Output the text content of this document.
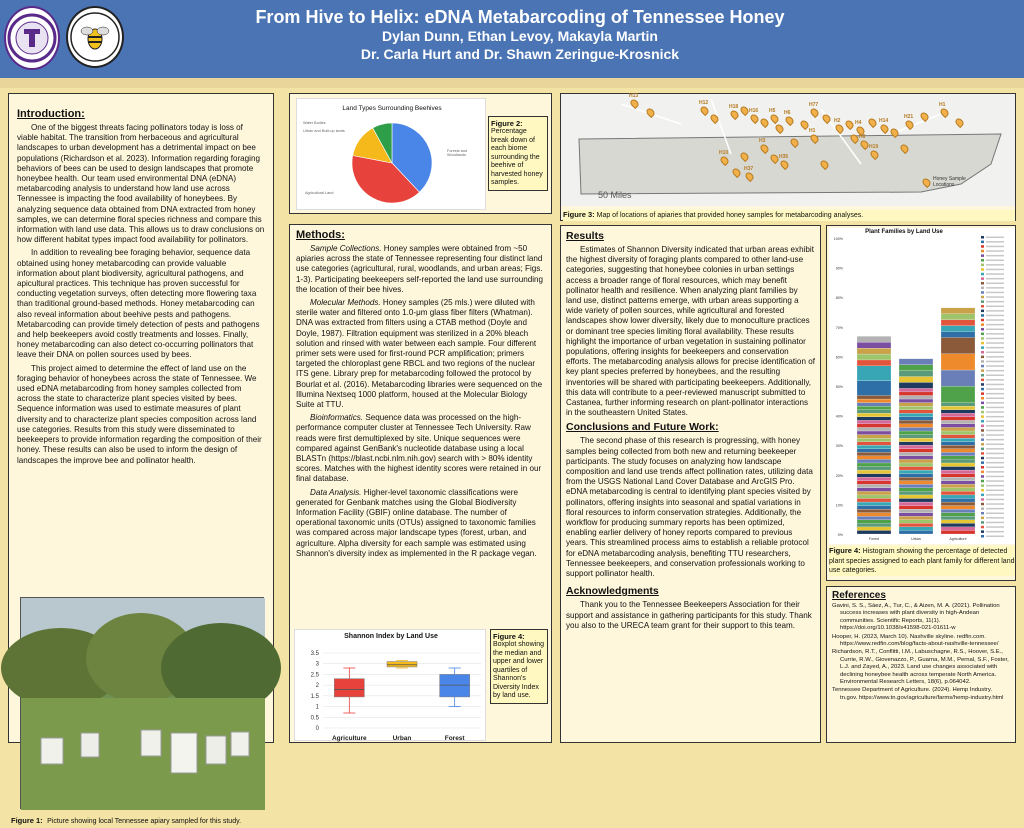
From Hive to Helix: eDNA Metabarcoding of Tennessee Honey
Dylan Dunn, Ethan Levoy, Makayla Martin
Dr. Carla Hurt and Dr. Shawn Zeringue-Krosnick
Introduction:

One of the biggest threats facing pollinators today is loss of viable habitat. The transition from herbaceous and agricultural landscapes to urban development has a detrimental impact on bee populations (Richardson et al. 2023). Information regarding foraging behaviors of bees can be used to design landscapes that promote honeybee health. Our team used environmental DNA (eDNA) metabarcoding analysis to understand how land use across Tennessee is impacting the food availability of honeybees. By analyzing sequence data obtained from DNA extracted from honey samples, we can determine floral species richness and compare this information with land use data. This allows us to draw conclusions on how different habitat types impact food availability for pollinators.

In addition to revealing bee foraging behavior, sequence data obtained using honey metabarcoding can provide valuable information about plant biodiversity, agricultural pathogens, and apicultural practices. This technique has proven successful for conducting vegetation surveys, often detecting more flowering taxa than traditional ground-based methods. Honey metabarcoding can also reveal information about beehive pests and pathogens. Metabarcoding can provide timely detection of pests and pathogens and help beekeepers avoid costly treatments and losses. Finally, honey metabarcoding can also detect co-occurring pollinators that leave their DNA on pollen sources used by bees.

This project aimed to determine the effect of land use on the foraging behavior of honeybees across the state of Tennessee. We used eDNA metabarcoding from honey samples collected from across the state to characterize plant species visited by bees. Sequence information was used to estimate measures of plant diversity and to characterize plant species composition across land use categories. Results from this study were disseminated to beekeepers to provide information regarding the composition of their honey. These results can also be used to inform the design of landscapes the improve bee and pollinator health.

Figure 1: Picture showing local Tennessee apiary sampled for this study.
Land Types Surrounding Beehives
Water Bodies
Urban and Built-up lands
Forests and Woodlands
Agricultural Land
Figure 2:
Percentage break down of each biome surrounding the beehive of harvested honey samples.
Methods:

Sample Collections. Honey samples were obtained from ~50 apiaries across the state of Tennessee representing four distinct land use categories (agricultural, rural, woodlands, and urban areas; Figs. 1-3). Participating beekeepers self-reported the land use surrounding the location of their bee hives.

Molecular Methods. Honey samples (25 mls.) were diluted with sterile water and filtered onto 1.0-μm glass fiber filters (Whatman). DNA was extracted from filters using a CTAB method (Doyle and Doyle, 1987). Filtration equipment was sterilized in a 20% bleach solution and rinsed with water between each sample. Four different primer sets were used for first-round PCR amplification; primers targeted the chloroplast gene RBCL and two regions of the nuclear ITS gene. Library prep for metabarcoding followed the protocol by Bourlat et al. (2016). Metabarcoding libraries were sequenced on the Illumina Nextseq 1000 platform, housed at the Molecular Biology Suite at TTU.

Bioinformatics. Sequence data was processed on the high-performance computer cluster at Tennessee Tech University. Raw reads were first demultiplexed by site. Unique sequences were compared against GenBank's nucleotide database using a local BLASTn (https://blast.ncbi.nlm.nih.gov) search with > 80% identity scores. Matches with the highest identity scores were retained in our final database.

Data Analysis. Higher-level taxonomic classifications were generated for Genbank matches using the Global Biodiversity Information Facility (GBIF) online database. The number of operational taxonomic units (OTUs) assigned to taxonomic families was compared across major landscape types (forest, urban, and agriculture. Alpha diversity for each sample was estimated using Shannon's diversity index as implemented in the R package vegan.

Shannon Index by Land Use
0
0.5
1
1.5
2
2.5
3
3.5
Agriculture	Urban	Forest
Figure 4:
Boxplot showing the median and upper and lower quartiles of Shannon's Diversity Index by land use.
50 Miles
H13
H12
H18
H16 H5 H6
H77
H2	H4	H14
H21
H1
H3
H35
H10
H37
H8
H19
H1
Honey Sample Locations
Figure 3: Map of locations of apiaries that provided honey samples for metabarcoding analyses.
Results

Estimates of Shannon Diversity indicated that urban areas exhibit the highest diversity of foraging plants compared to other land-use categories, suggesting that honeybee colonies in urban settings access a broader range of floral resources, which may benefit pollinator health and resilience. When analyzing plant families by land use, distinct patterns emerge, with urban areas supporting a wide variety of pollen sources, while agricultural and forested landscapes show lower diversity, likely due to monoculture practices or dominant tree species limiting floral availability. These results highlight the importance of urban vegetation in sustaining pollinator populations, offering insights for beekeepers and conservation efforts. The metabarcoding analysis allows for precise identification of key plant species preferred by honeybees, and the resulting inventories will be shared with participating beekeepers. Additionally, this data will contribute to a peer-reviewed manuscript submitted to Castanea, further informing research on plant-pollinator interactions in the southeastern United States.

Conclusions and Future Work:

The second phase of this research is progressing, with honey samples being collected from both new and returning beekeeper participants. The study focuses on analyzing how landscape composition and land use trends affect pollination rates, utilizing data from the USGS National Land Cover Database and ArcGIS Pro. eDNA metabarcoding is central to identifying plant species visited by pollinators, offering insights into seasonal and spatial variations in floral resources to inform conservation strategies. Additionally, the workflow for producing summary reports has been optimized, enabling earlier delivery of honey reports compared to previous years. This streamlined process aims to establish a reliable protocol for eDNA metabarcoding analysis, benefiting TTU researchers, Tennessee beekeepers, and conservation professionals working to support pollinator health.

Acknowledgments

Thank you to the Tennessee Beekeepers Association for their support and assistance in gathering participants for this study. Thank you also to the URECA team grant for their support to this team.

Plant Families by Land Use
0%
10%
20%
30%
40%
50%
60%
70%
80%
90%
100%
Forest	Urban	Agriculture
Figure 4: Histogram showing the percentage of detected plant species assigned to each plant family for different land use categories.
References

Gavini, S. S., Sáez, A., Tur, C., & Aizen, M. A. (2021). Pollination success increases with plant diversity in high-Andean communities. Scientific Reports, 11(1). https://doi.org/10.1038/s41598-021-01611-w

Hooper, H. (2023, March 10). Nashville skyline. redfin.com. https://www.redfin.com/blog/facts-about-nashville-tennessee/

Richardson, R.T., Conflitti, I.M., Labuschagne, R.S., Hoover, S.E., Currie, R.W., Giovenazzo, P., Guarna, M.M., Pernal, S.F., Foster, L.J. and Zayed, A., 2023. Land use changes associated with declining honeybee health across temperate North America. Environmental Research Letters, 18(6), p.064042.

Tennessee Department of Agriculture. (2024). Hemp Industry. tn.gov. https://www.tn.gov/agriculture/farms/hemp-industry.html
